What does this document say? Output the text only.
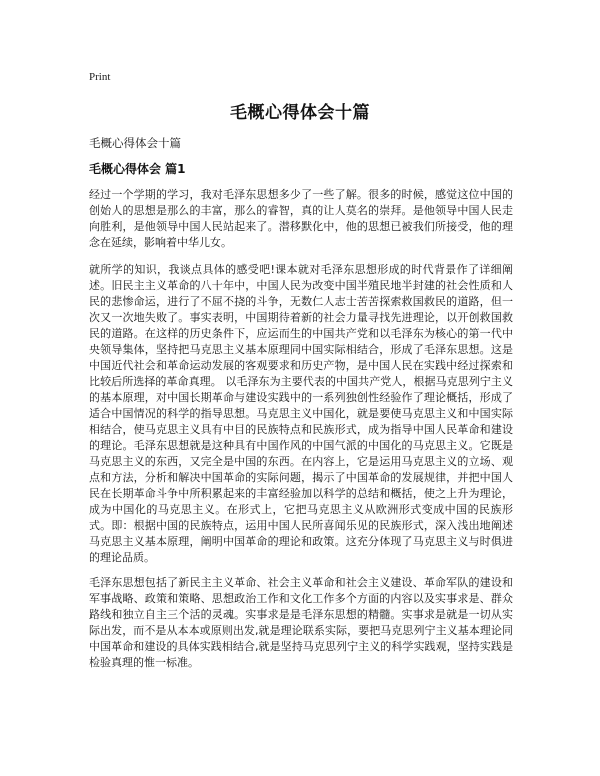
Print
毛概心得体会十篇
毛概心得体会十篇
毛概心得体会 篇1

经过一个学期的学习，我对毛泽东思想多少了一些了解。很多的时候，感觉这位中国的创始人的思想是那么的丰富，那么的睿智，真的让人莫名的崇拜。是他领导中国人民走向胜利，是他领导中国人民站起来了。潜移默化中，他的思想已被我们所接受，他的理念在延续，影响着中华儿女。

就所学的知识，我谈点具体的感受吧!课本就对毛泽东思想形成的时代背景作了详细阐述。旧民主主义革命的八十年中，中国人民为改变中国半殖民地半封建的社会性质和人民的悲惨命运，进行了不屈不挠的斗争，无数仁人志士苦苦探索救国救民的道路，但一次又一次地失败了。事实表明，中国期待着新的社会力量寻找先进理论，以开创救国救民的道路。在这样的历史条件下，应运而生的中国共产党和以毛泽东为核心的第一代中央领导集体，坚持把马克思主义基本原理同中国实际相结合，形成了毛泽东思想。这是中国近代社会和革命运动发展的客观要求和历史产物，是中国人民在实践中经过探索和比较后所选择的革命真理。 以毛泽东为主要代表的中国共产党人，根据马克思列宁主义的基本原理，对中国长期革命与建设实践中的一系列独创性经验作了理论概括，形成了适合中国情况的科学的指导思想。马克思主义中国化，就是要使马克思主义和中国实际相结合，使马克思主义具有中目的民族特点和民族形式，成为指导中国人民革命和建设的理论。毛泽东思想就是这种具有中国作风的中国气派的中国化的马克思主义。它既是马克思主义的东西，又完全是中国的东西。在内容上，它是运用马克思主义的立场、观点和方法，分析和解决中国革命的实际问题，揭示了中国革命的发展规律，并把中国人民在长期革命斗争中所积累起来的丰富经验加以科学的总结和概括，使之上升为理论，成为中国化的马克思主义。在形式上，它把马克思主义从欧洲形式变成中国的民族形式。即：根据中国的民族特点，运用中国人民所喜闻乐见的民族形式，深入浅出地阐述马克思主义基本原理，阐明中国革命的理论和政策。这充分体现了马克思主义与时俱进的理论品质。

毛泽东思想包括了新民主主义革命、社会主义革命和社会主义建设、革命军队的建设和军事战略、政策和策略、思想政治工作和文化工作多个方面的内容以及实事求是、群众路线和独立自主三个活的灵魂。实事求是是毛泽东思想的精髓。实事求是就是一切从实际出发，而不是从本本或原则出发,就是理论联系实际，要把马克思列宁主义基本理论同中国革命和建设的具体实践相结合,就是坚持马克思列宁主义的科学实践观，坚持实践是检验真理的惟一标准。
